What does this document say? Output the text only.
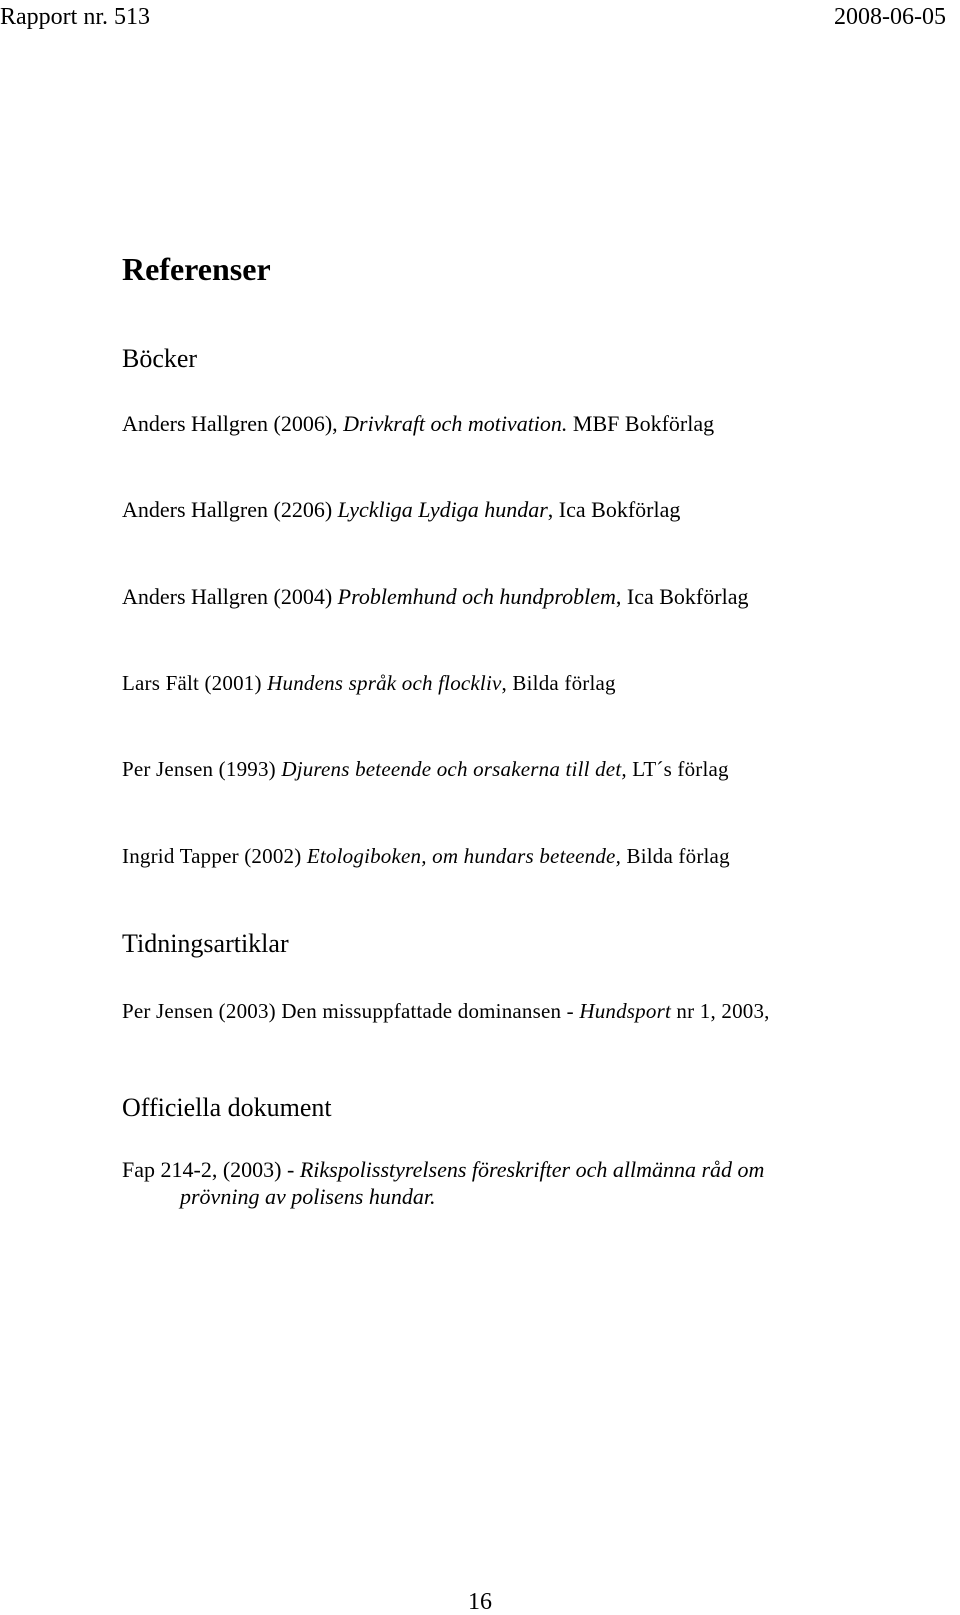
Rapport nr. 513	2008-06-05
Referenser
Böcker
Anders Hallgren (2006), Drivkraft och motivation. MBF Bokförlag
Anders Hallgren (2206) Lyckliga Lydiga hundar, Ica Bokförlag
Anders Hallgren (2004) Problemhund och hundproblem, Ica Bokförlag
Lars Fält (2001) Hundens språk och flockliv, Bilda förlag
Per Jensen (1993) Djurens beteende och orsakerna till det, LT´s förlag
Ingrid Tapper (2002) Etologiboken, om hundars beteende, Bilda förlag
Tidningsartiklar
Per Jensen (2003) Den missuppfattade dominansen - Hundsport nr 1, 2003,
Officiella dokument
Fap 214-2, (2003) - Rikspolisstyrelsens föreskrifter och allmänna råd om
prövning av polisens hundar.
16
